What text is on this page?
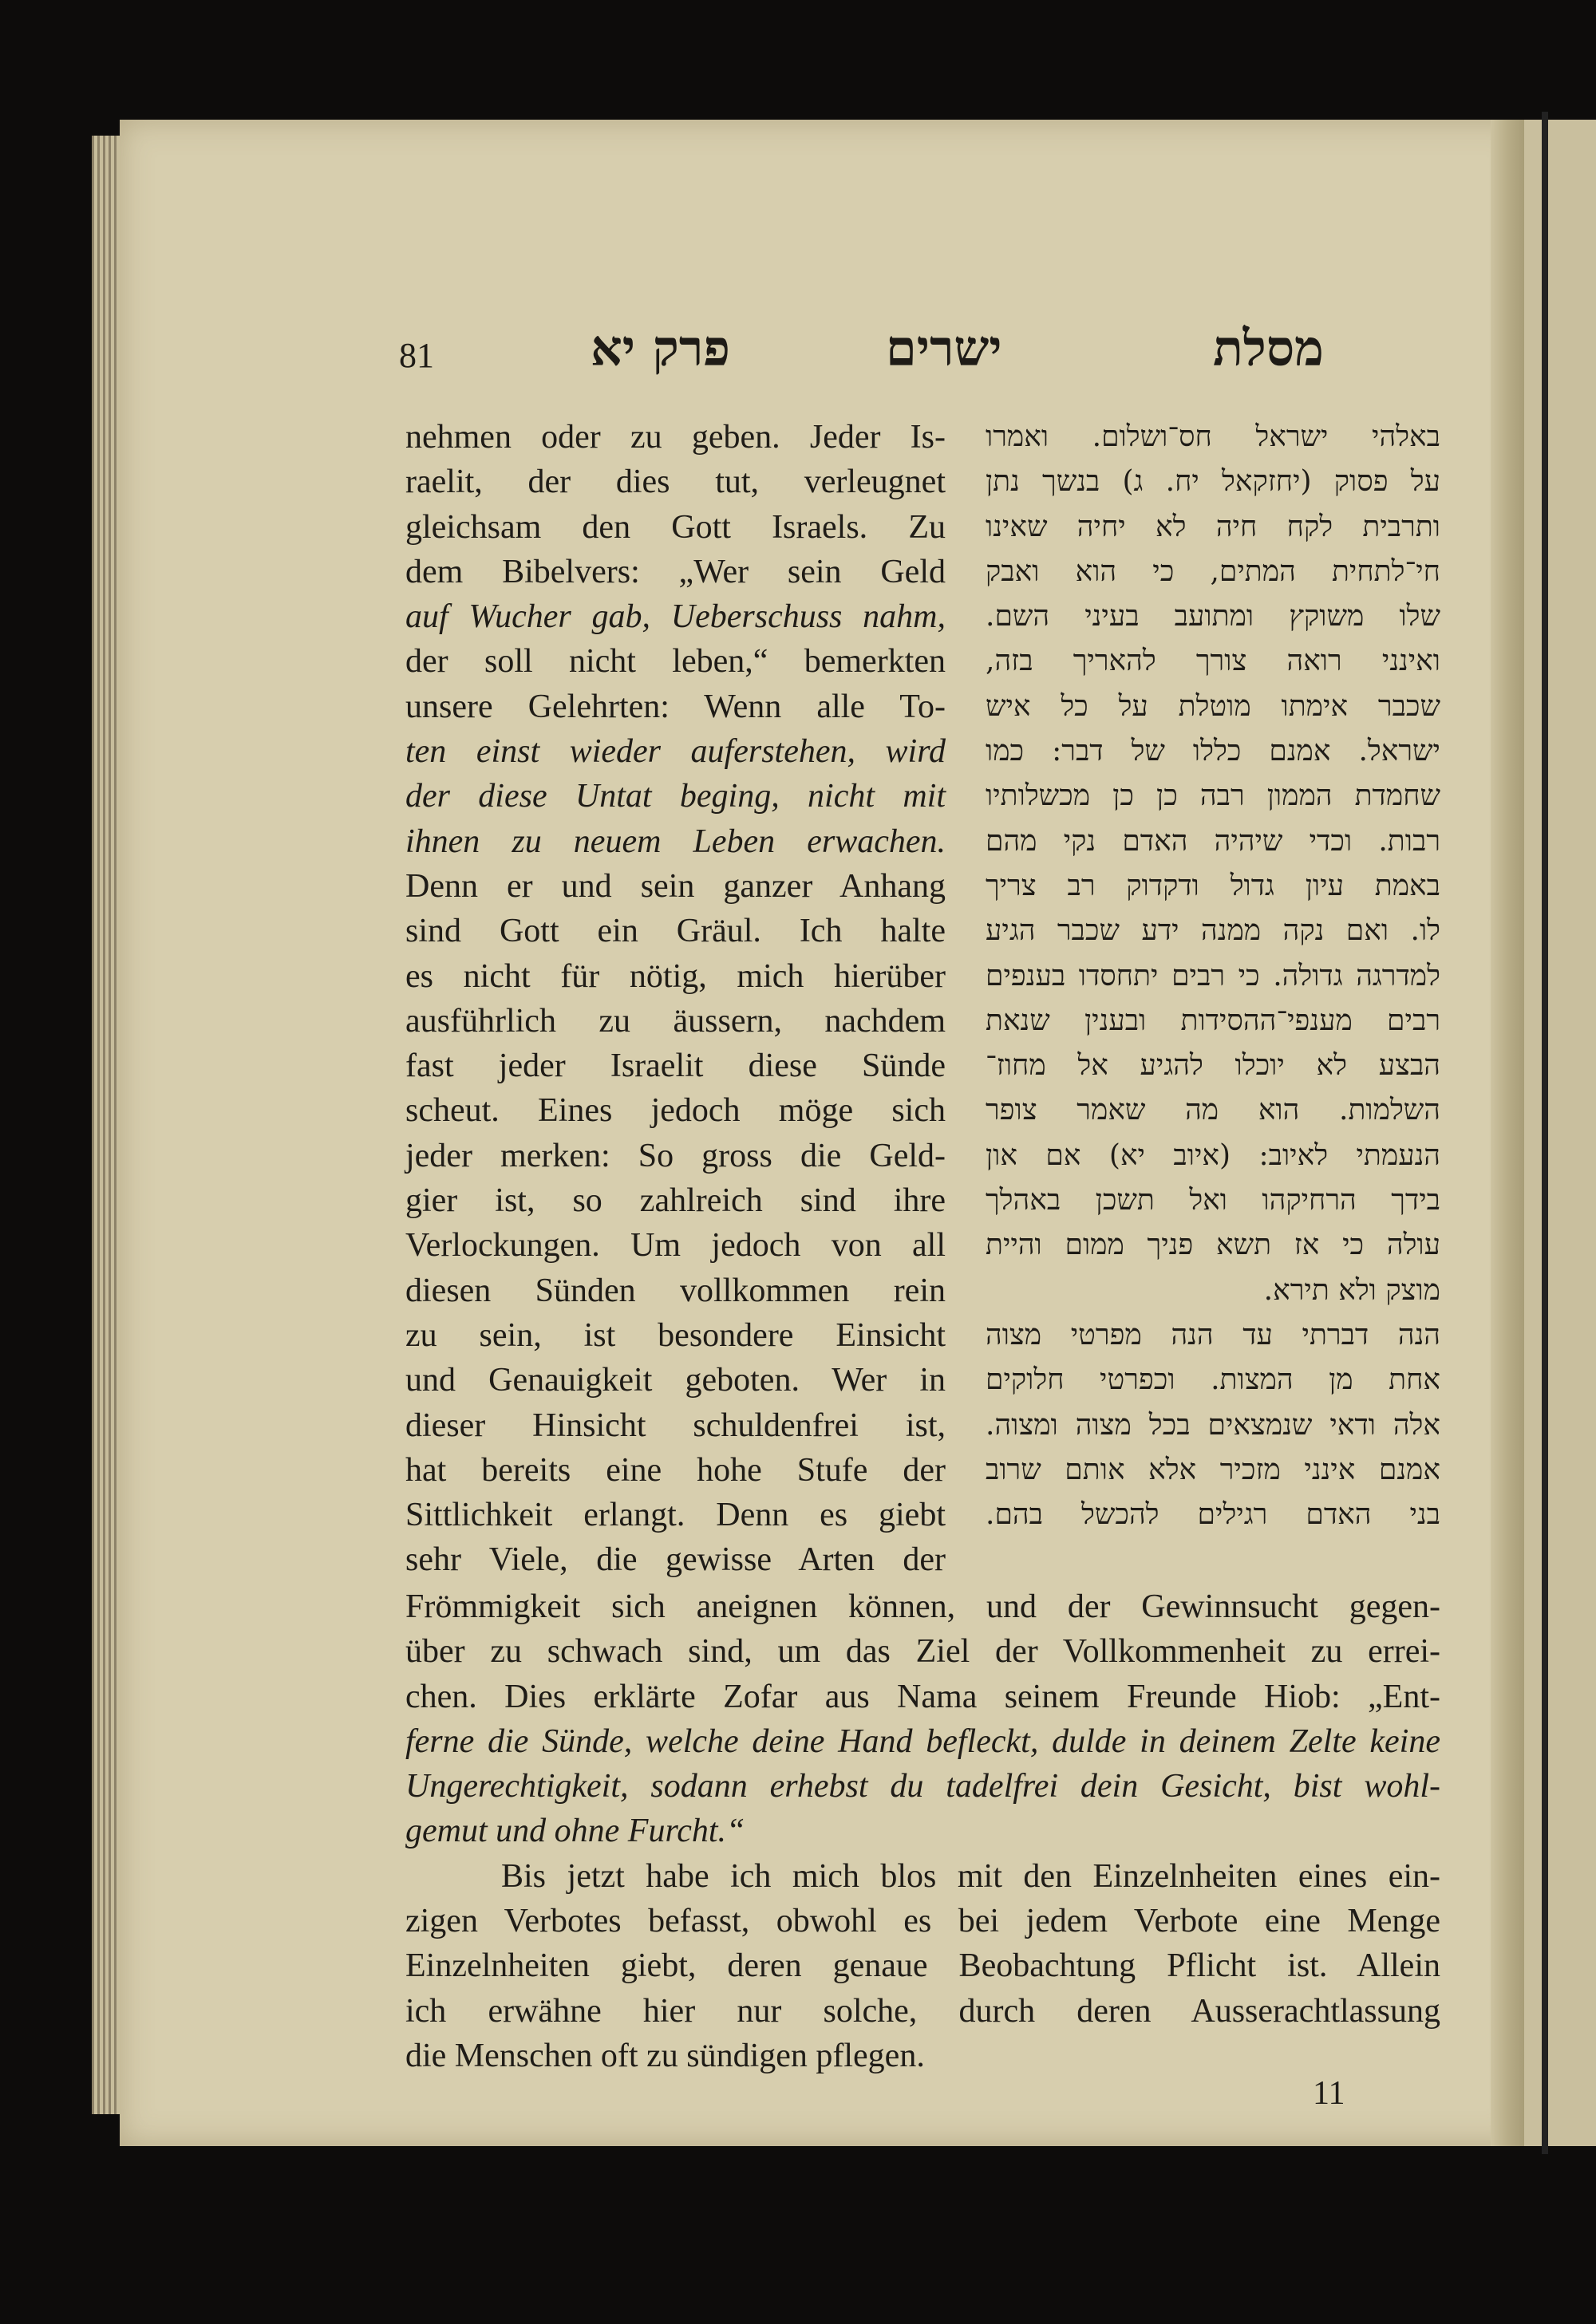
81	פרק יא	ישרים	מסלת
nehmen oder zu geben. Jeder Is-
raelit, der dies tut, verleugnet
gleichsam den Gott Israels. Zu
dem Bibelvers: „Wer sein Geld
auf Wucher gab, Ueberschuss nahm,
der soll nicht leben,“ bemerkten
unsere Gelehrten: Wenn alle To-
ten einst wieder auferstehen, wird
der diese Untat beging, nicht mit
ihnen zu neuem Leben erwachen.
Denn er und sein ganzer Anhang
sind Gott ein Gräul. Ich halte
es nicht für nötig, mich hierüber
ausführlich zu äussern, nachdem
fast jeder Israelit diese Sünde
scheut. Eines jedoch möge sich
jeder merken: So gross die Geld-
gier ist, so zahlreich sind ihre
Verlockungen. Um jedoch von all
diesen Sünden vollkommen rein
zu sein, ist besondere Einsicht
und Genauigkeit geboten. Wer in
dieser Hinsicht schuldenfrei ist,
hat bereits eine hohe Stufe der
Sittlichkeit erlangt. Denn es giebt
sehr Viele, die gewisse Arten der
באלהי ישראל חס־ושלום. ואמרו
על פסוק (יחזקאל יח. ג) בנשך נתן
ותרבית לקח חיה לא יחיה שאינו
חי־לתחית המתים, כי הוא ואבק
שלו משוקץ ומתועב בעיני השם.
ואינני רואה צורך להאריך בזה,
שכבר אימתו מוטלת על כל איש
ישראל. אמנם כללו של דבר: כמו
שחמדת הממון רבה כן כן מכשלותיו
רבות. וכדי שיהיה האדם נקי מהם
באמת עיון גדול ודקדוק רב צריך
לו. ואם נקה ממנה ידע שכבר הגיע
למדרגה גדולה. כי רבים יתחסדו בענפים
רבים מענפי־ההסידות ובענין שנאת
הבצע לא יוכלו להגיע אל מחוז־
השלמות. הוא מה שאמר צופר
הנעמתי לאיוב: (איוב יא) אם און
בידך הרחיקהו ואל תשכן באהלך
עולה כי אז תשא פניך ממום והיית
מוצק ולא תירא.
הנה דברתי עד הנה מפרטי מצוה
אחת מן המצות. וכפרטי חלוקים
אלה ודאי שנמצאים בכל מצוה ומצוה.
אמנם אינני מזכיר אלא אותם שרוב
בני האדם רגילים להכשל בהם.
Frömmigkeit sich aneignen können, und der Gewinnsucht gegen-
über zu schwach sind, um das Ziel der Vollkommenheit zu errei-
chen. Dies erklärte Zofar aus Nama seinem Freunde Hiob: „Ent-
ferne die Sünde, welche deine Hand befleckt, dulde in deinem Zelte keine
Ungerechtigkeit, sodann erhebst du tadelfrei dein Gesicht, bist wohl-
gemut und ohne Furcht.“
Bis jetzt habe ich mich blos mit den Einzelnheiten eines ein-
zigen Verbotes befasst, obwohl es bei jedem Verbote eine Menge
Einzelnheiten giebt, deren genaue Beobachtung Pflicht ist. Allein
ich erwähne hier nur solche, durch deren Ausserachtlassung
die Menschen oft zu sündigen pflegen.
11
